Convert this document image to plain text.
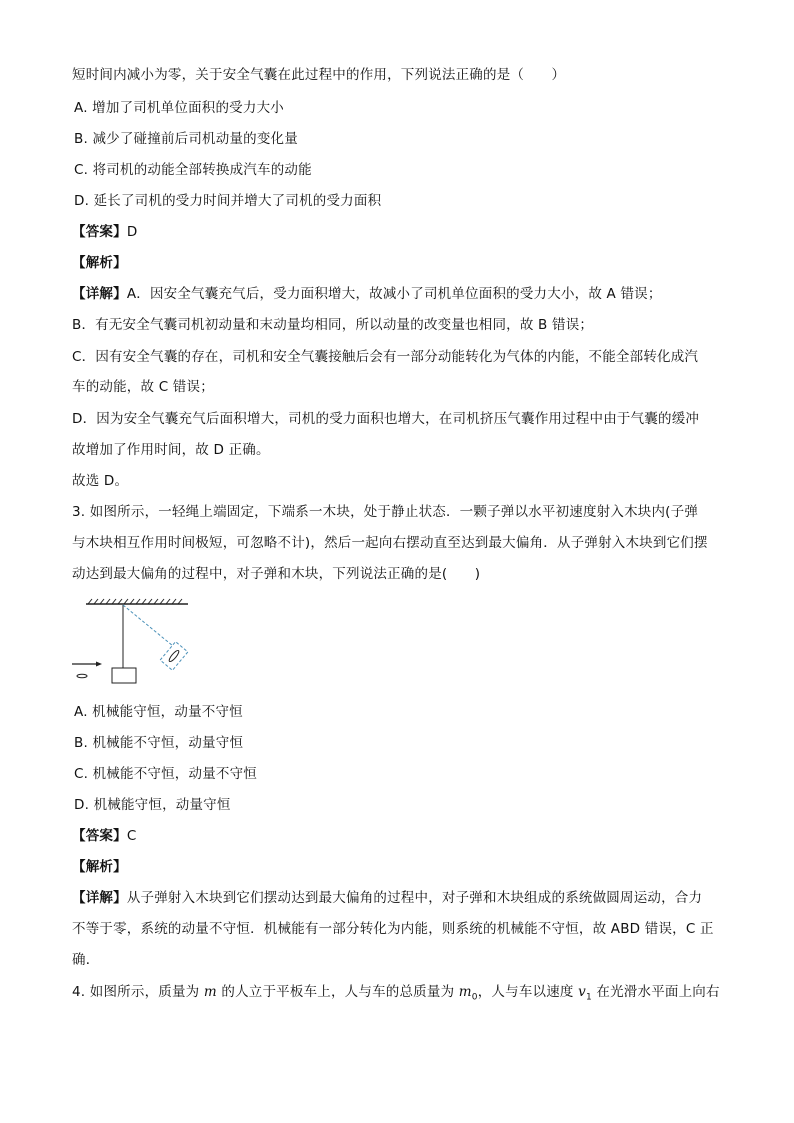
短时间内减小为零，关于安全气囊在此过程中的作用，下列说法正确的是（　　）
A. 增加了司机单位面积的受力大小
B. 减少了碰撞前后司机动量的变化量
C. 将司机的动能全部转换成汽车的动能
D. 延长了司机的受力时间并增大了司机的受力面积
【答案】D
【解析】
【详解】A．因安全气囊充气后，受力面积增大，故减小了司机单位面积的受力大小，故 A 错误；
B．有无安全气囊司机初动量和末动量均相同，所以动量的改变量也相同，故 B 错误；
C．因有安全气囊的存在，司机和安全气囊接触后会有一部分动能转化为气体的内能，不能全部转化成汽
车的动能，故 C 错误；
D．因为安全气囊充气后面积增大，司机的受力面积也增大，在司机挤压气囊作用过程中由于气囊的缓冲
故增加了作用时间，故 D 正确。
故选 D。
3. 如图所示，一轻绳上端固定，下端系一木块，处于静止状态．一颗子弹以水平初速度射入木块内(子弹
与木块相互作用时间极短，可忽略不计)，然后一起向右摆动直至达到最大偏角．从子弹射入木块到它们摆
动达到最大偏角的过程中，对子弹和木块，下列说法正确的是(　　)
A. 机械能守恒，动量不守恒
B. 机械能不守恒，动量守恒
C. 机械能不守恒，动量不守恒
D. 机械能守恒，动量守恒
【答案】C
【解析】
【详解】从子弹射入木块到它们摆动达到最大偏角的过程中，对子弹和木块组成的系统做圆周运动，合力
不等于零，系统的动量不守恒．机械能有一部分转化为内能，则系统的机械能不守恒，故 ABD 错误，C 正
确．
4. 如图所示，质量为 m 的人立于平板车上，人与车的总质量为 $m_0$，人与车以速度 $v_1$ 在光滑水平面上向右
